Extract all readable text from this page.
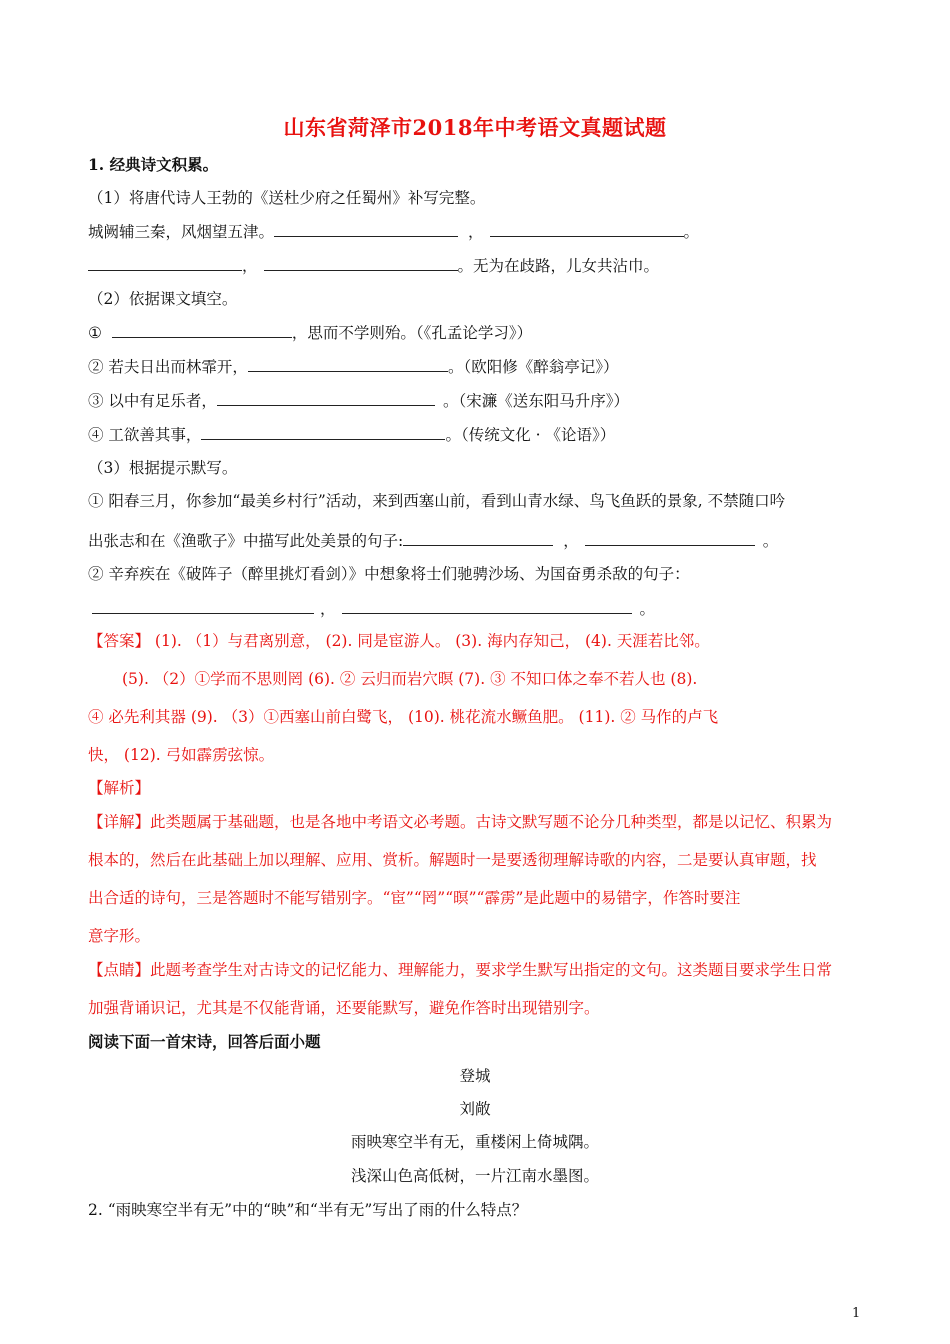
山东省菏泽市2018年中考语文真题试题
1. 经典诗文积累。
（1）将唐代诗人王勃的《送杜少府之任蜀州》补写完整。
城阙辅三秦，风烟望五津。	，	。
，	。无为在歧路，儿女共沾巾。
（2）依据课文填空。
①	，思而不学则殆。（《孔孟论学习》）
② 若夫日出而林霏开，	。（欧阳修《醉翁亭记》）
③ 以中有足乐者，	。（宋濂《送东阳马升序》）
④ 工欲善其事，	。（传统文化 · 《论语》）
（3）根据提示默写。
① 阳春三月，你参加“最美乡村行”活动，来到西塞山前，看到山青水绿、鸟飞鱼跃的景象, 不禁随口吟
出张志和在《渔歌子》中描写此处美景的句子:	，	。
② 辛弃疾在《破阵子（醉里挑灯看剑）》中想象将士们驰骋沙场、为国奋勇杀敌的句子：
，	。
【答案】 (1). （1）与君离别意， (2). 同是宦游人。 (3). 海内存知己， (4). 天涯若比邻。
(5). （2）①学而不思则罔 (6). ② 云归而岩穴暝 (7). ③ 不知口体之奉不若人也 (8).
④ 必先利其器 (9). （3）①西塞山前白鹭飞， (10). 桃花流水鳜鱼肥。 (11). ② 马作的卢飞
快， (12). 弓如霹雳弦惊。
【解析】
【详解】此类题属于基础题，也是各地中考语文必考题。古诗文默写题不论分几种类型，都是以记忆、积累为
根本的，然后在此基础上加以理解、应用、赏析。解题时一是要透彻理解诗歌的内容，二是要认真审题，找
出合适的诗句，三是答题时不能写错别字。“宦”“罔”“暝”“霹雳”是此题中的易错字，作答时要注
意字形。
【点睛】此题考查学生对古诗文的记忆能力、理解能力，要求学生默写出指定的文句。这类题目要求学生日常
加强背诵识记，尤其是不仅能背诵，还要能默写，避免作答时出现错别字。
阅读下面一首宋诗，回答后面小题
登城
刘敞
雨映寒空半有无，重楼闲上倚城隅。
浅深山色高低树，一片江南水墨图。
2. “雨映寒空半有无”中的“映”和“半有无”写出了雨的什么特点？
1
